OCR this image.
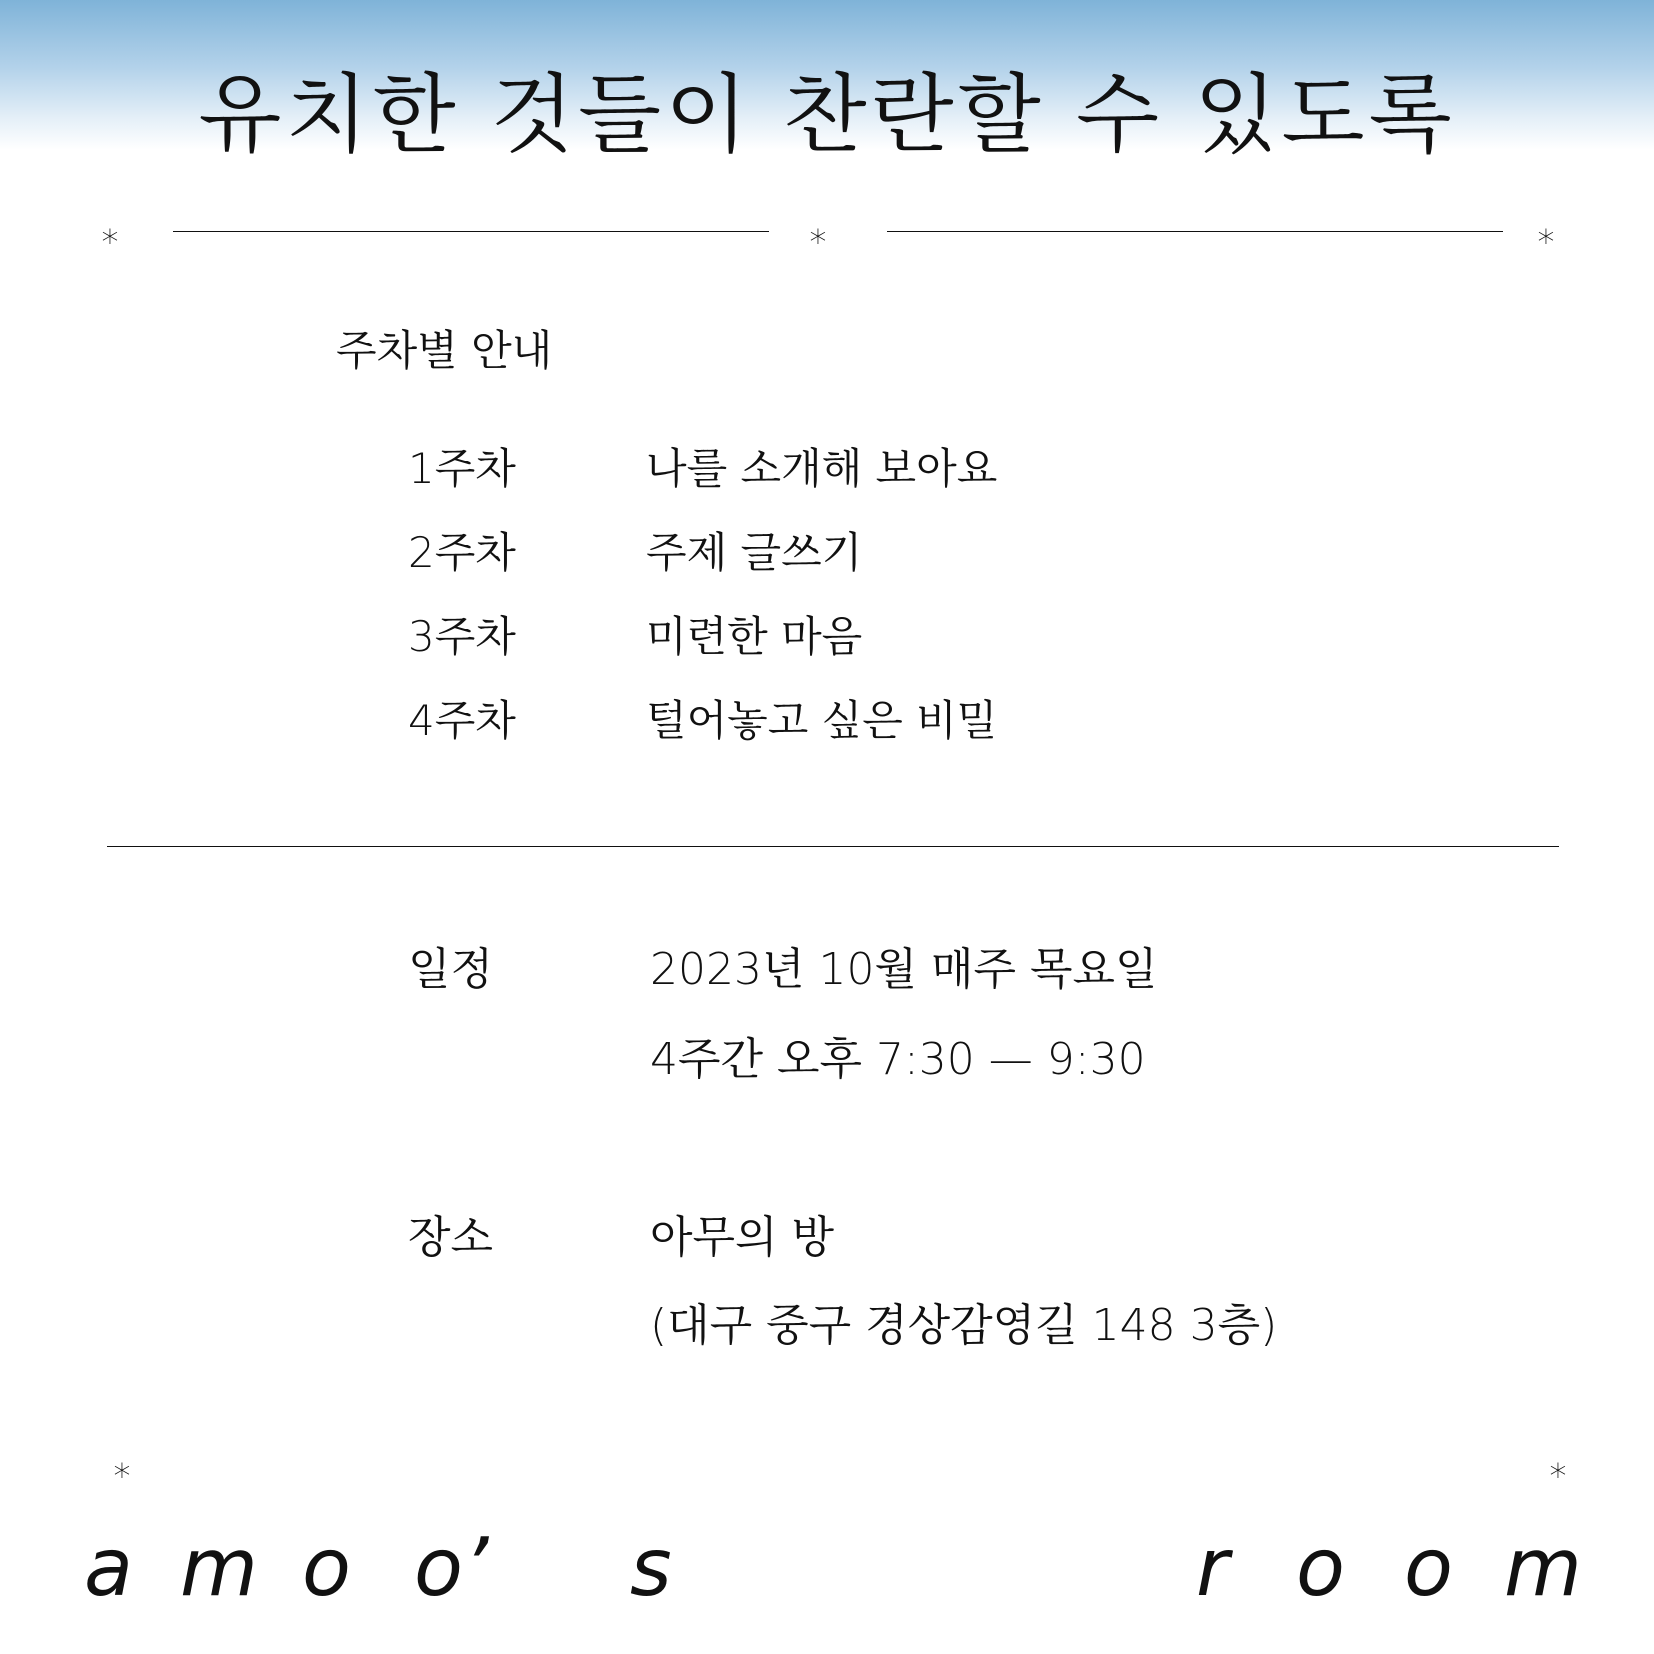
유치한 것들이 찬란할 수 있도록
⁎	⁎	⁎
주차별 안내
1주차	나를 소개해 보아요
2주차	주제 글쓰기
3주차	미련한 마음
4주차	털어놓고 싶은 비밀
일정	2023년 10월 매주 목요일
4주간 오후 7:30 — 9:30
장소	아무의 방
(대구 중구 경상감영길 148 3층)
⁎	⁎
a m o o’ s	r o o m
